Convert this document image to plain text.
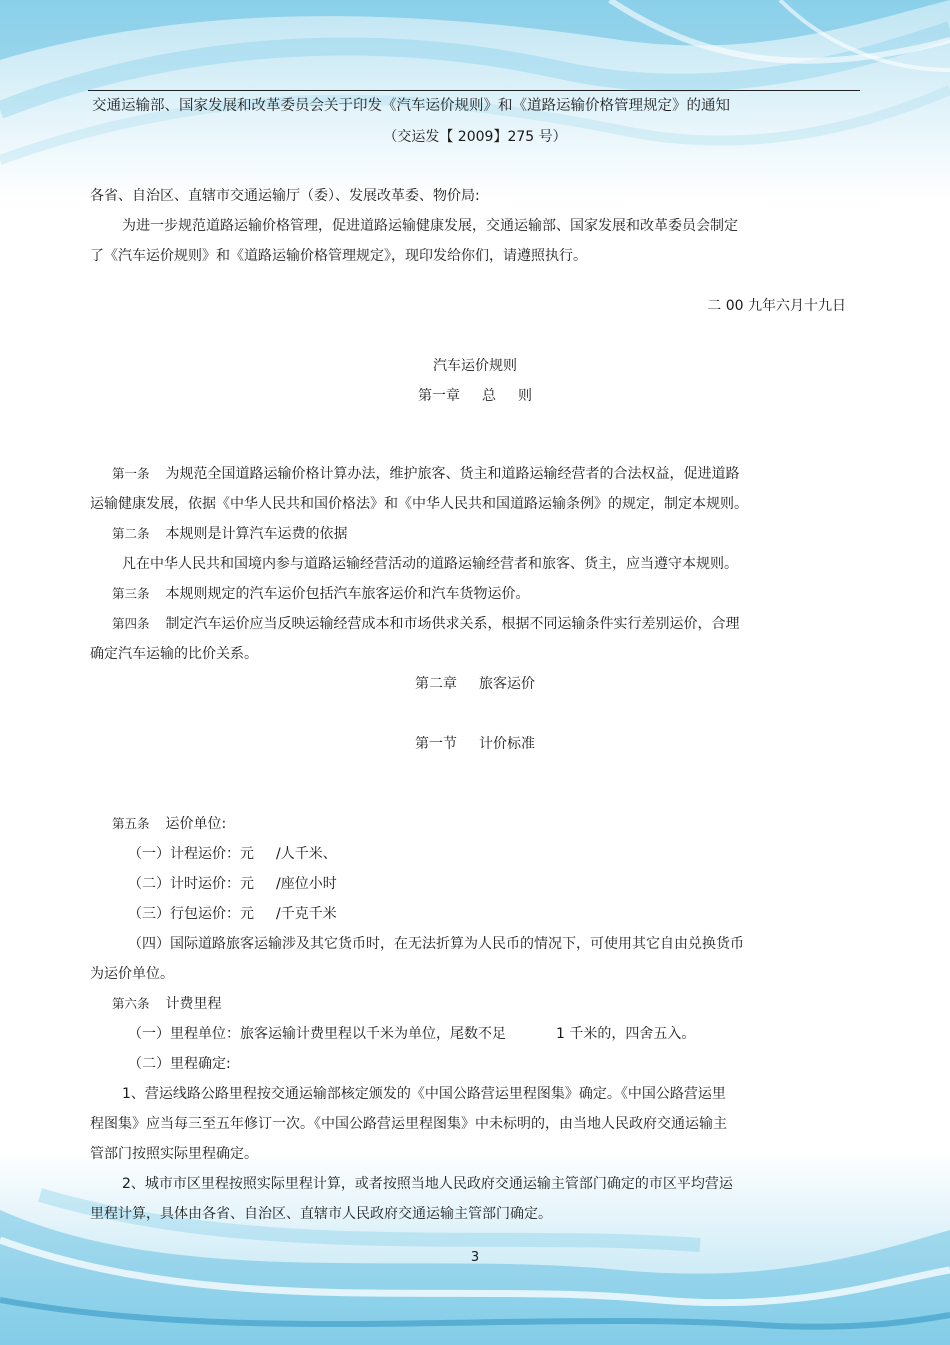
交通运输部、国家发展和改革委员会关于印发《汽车运价规则》和《道路运输价格管理规定》的通知
（交运发【 2009】275 号）
各省、自治区、直辖市交通运输厅（委）、发展改革委、物价局:
为进一步规范道路运输价格管理，促进道路运输健康发展，交通运输部、国家发展和改革委员会制定
了《汽车运价规则》和《道路运输价格管理规定》，现印发给你们，请遵照执行。
二 00 九年六月十九日
汽车运价规则
第一章 总 则
第一条 为规范全国道路运输价格计算办法，维护旅客、货主和道路运输经营者的合法权益，促进道路
运输健康发展，依据《中华人民共和国价格法》和《中华人民共和国道路运输条例》的规定，制定本规则。
第二条 本规则是计算汽车运费的依据
凡在中华人民共和国境内参与道路运输经营活动的道路运输经营者和旅客、货主，应当遵守本规则。
第三条 本规则规定的汽车运价包括汽车旅客运价和汽车货物运价。
第四条 制定汽车运价应当反映运输经营成本和市场供求关系，根据不同运输条件实行差别运价，合理
确定汽车运输的比价关系。
第二章 旅客运价
第一节 计价标准
第五条 运价单位:
（一）计程运价：元 /人千米、
（二）计时运价：元 /座位小时
（三）行包运价：元 /千克千米
（四）国际道路旅客运输涉及其它货币时，在无法折算为人民币的情况下，可使用其它自由兑换货币
为运价单位。
第六条 计费里程
（一）里程单位：旅客运输计费里程以千米为单位，尾数不足	1 千米的，四舍五入。
（二）里程确定:
1、营运线路公路里程按交通运输部核定颁发的《中国公路营运里程图集》确定。《中国公路营运里
程图集》应当每三至五年修订一次。《中国公路营运里程图集》中未标明的，由当地人民政府交通运输主
管部门按照实际里程确定。
2、城市市区里程按照实际里程计算，或者按照当地人民政府交通运输主管部门确定的市区平均营运
里程计算，具体由各省、自治区、直辖市人民政府交通运输主管部门确定。
3
